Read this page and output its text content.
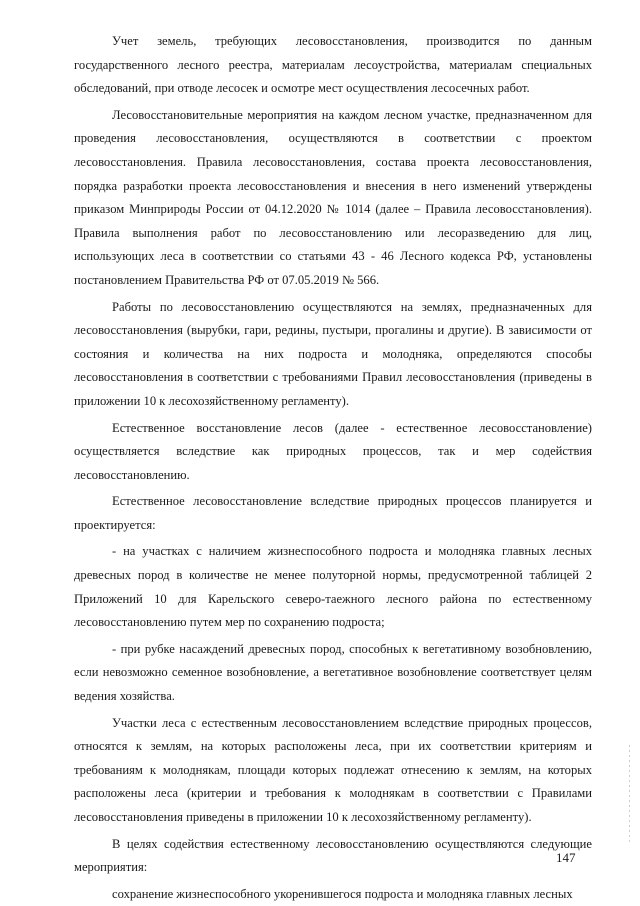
Учет земель, требующих лесовосстановления, производится по данным государственного лесного реестра, материалам лесоустройства, материалам специальных обследований, при отводе лесосек и осмотре мест осуществления лесосечных работ.

Лесовосстановительные мероприятия на каждом лесном участке, предназначенном для проведения лесовосстановления, осуществляются в соответствии с проектом лесовосстановления. Правила лесовосстановления, состава проекта лесовосстановления, порядка разработки проекта лесовосстановления и внесения в него изменений утверждены приказом Минприроды России от 04.12.2020 № 1014 (далее – Правила лесовосстановления). Правила выполнения работ по лесовосстановлению или лесоразведению для лиц, использующих леса в соответствии со статьями 43 - 46 Лесного кодекса РФ, установлены постановлением Правительства РФ от 07.05.2019 № 566.

Работы по лесовосстановлению осуществляются на землях, предназначенных для лесовосстановления (вырубки, гари, редины, пустыри, прогалины и другие). В зависимости от состояния и количества на них подроста и молодняка, определяются способы лесовосстановления в соответствии с требованиями Правил лесовосстановления (приведены в приложении 10 к лесохозяйственному регламенту).

Естественное восстановление лесов (далее - естественное лесовосстановление) осуществляется вследствие как природных процессов, так и мер содействия лесовосстановлению.

Естественное лесовосстановление вследствие природных процессов планируется и проектируется:

- на участках с наличием жизнеспособного подроста и молодняка главных лесных древесных пород в количестве не менее полуторной нормы, предусмотренной таблицей 2 Приложений 10 для Карельского северо-таежного лесного района по естественному лесовосстановлению путем мер по сохранению подроста;

- при рубке насаждений древесных пород, способных к вегетативному возобновлению, если невозможно семенное возобновление, а вегетативное возобновление соответствует целям ведения хозяйства.

Участки леса с естественным лесовосстановлением вследствие природных процессов, относятся к землям, на которых расположены леса, при их соответствии критериям и требованиям к молоднякам, площади которых подлежат отнесению к землям, на которых расположены леса (критерии и требования к молоднякам в соответствии с Правилами лесовосстановления приведены в приложении 10 к лесохозяйственному регламенту).

В целях содействия естественному лесовосстановлению осуществляются следующие мероприятия:

сохранение жизнеспособного укоренившегося подроста и молодняка главных лесных

147
